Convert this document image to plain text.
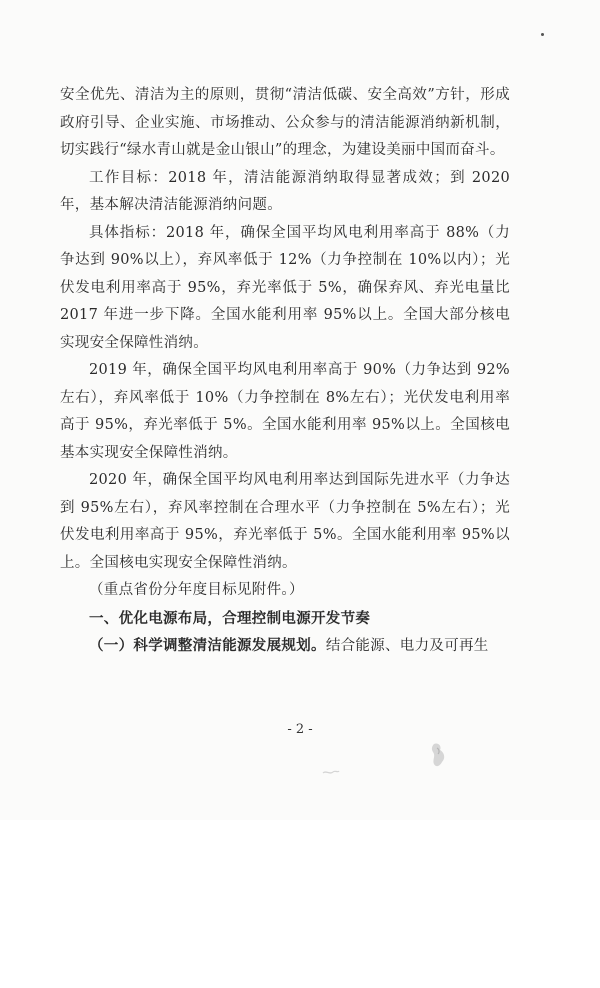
安全优先、清洁为主的原则，贯彻“清洁低碳、安全高效”方针，形成政府引导、企业实施、市场推动、公众参与的清洁能源消纳新机制，切实践行“绿水青山就是金山银山”的理念，为建设美丽中国而奋斗。

工作目标：2018 年，清洁能源消纳取得显著成效；到 2020 年，基本解决清洁能源消纳问题。

具体指标：2018 年，确保全国平均风电利用率高于 88%（力争达到 90%以上），弃风率低于 12%（力争控制在 10%以内）；光伏发电利用率高于 95%，弃光率低于 5%，确保弃风、弃光电量比 2017 年进一步下降。全国水能利用率 95%以上。全国大部分核电实现安全保障性消纳。

2019 年，确保全国平均风电利用率高于 90%（力争达到 92%左右），弃风率低于 10%（力争控制在 8%左右）；光伏发电利用率高于 95%，弃光率低于 5%。全国水能利用率 95%以上。全国核电基本实现安全保障性消纳。

2020 年，确保全国平均风电利用率达到国际先进水平（力争达到 95%左右），弃风率控制在合理水平（力争控制在 5%左右）；光伏发电利用率高于 95%，弃光率低于 5%。全国水能利用率 95%以上。全国核电实现安全保障性消纳。

（重点省份分年度目标见附件。）

一、优化电源布局，合理控制电源开发节奏

（一）科学调整清洁能源发展规划。结合能源、电力及可再生

- 2 -
